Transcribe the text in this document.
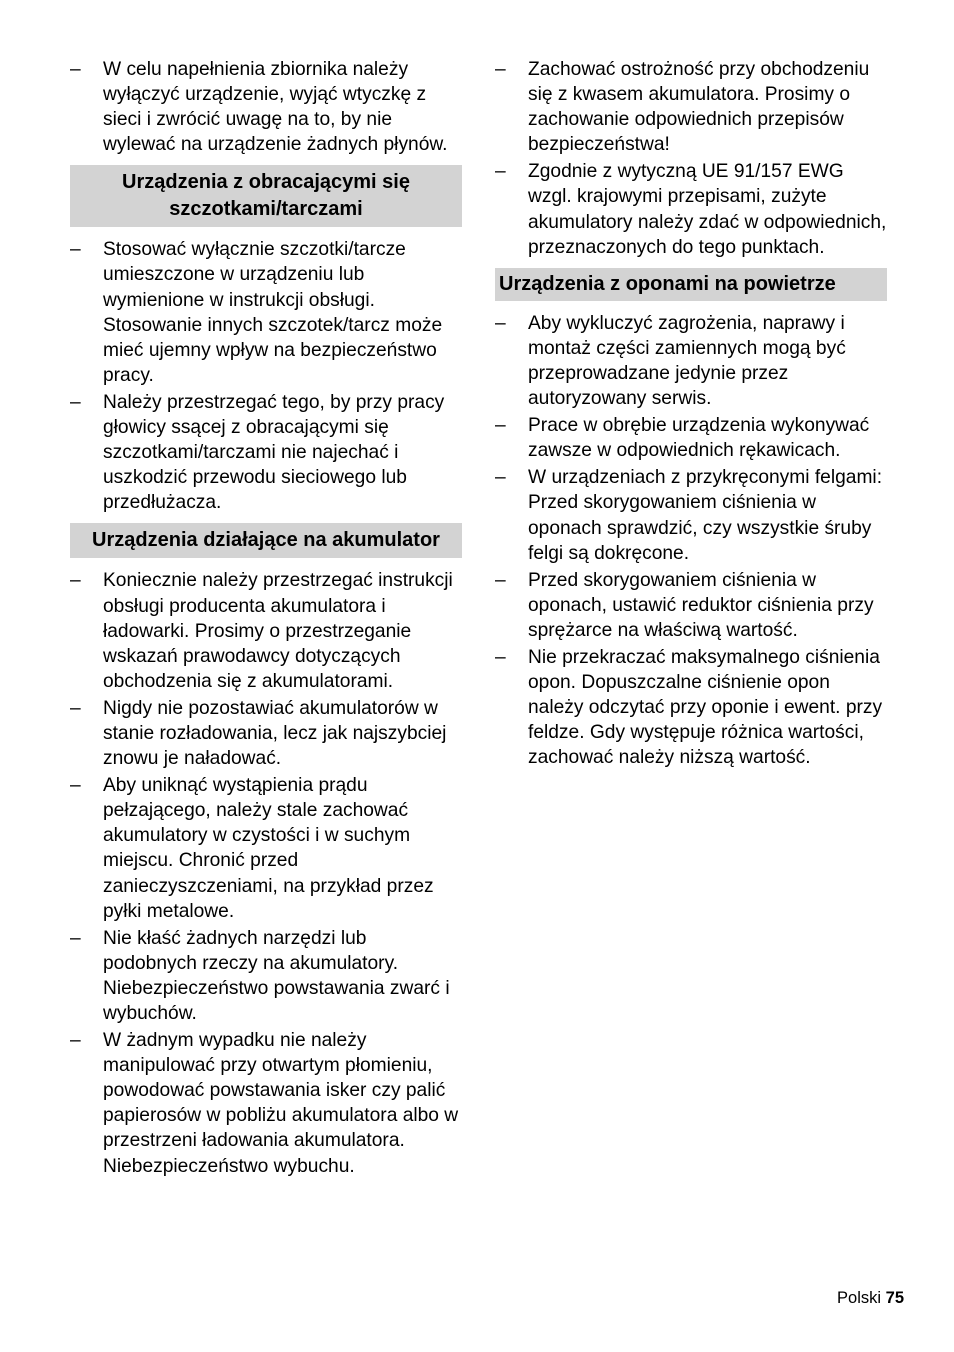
– W celu napełnienia zbiornika należy wyłączyć urządzenie, wyjąć wtyczkę z sieci i zwrócić uwagę na to, by nie wylewać na urządzenie żadnych płynów.
Urządzenia z obracającymi się szczotkami/tarczami
– Stosować wyłącznie szczotki/tarcze umieszczone w urządzeniu lub wymienione w instrukcji obsługi. Stosowanie innych szczotek/tarcz może mieć ujemny wpływ na bezpieczeństwo pracy.
– Należy przestrzegać tego, by przy pracy głowicy ssącej z obracającymi się szczotkami/tarczami nie najechać i uszkodzić przewodu sieciowego lub przedłużacza.
Urządzenia działające na akumulator
– Koniecznie należy przestrzegać instrukcji obsługi producenta akumulatora i ładowarki. Prosimy o przestrzeganie wskazań prawodawcy dotyczących obchodzenia się z akumulatorami.
– Nigdy nie pozostawiać akumulatorów w stanie rozładowania, lecz jak najszybciej znowu je naładować.
– Aby uniknąć wystąpienia prądu pełzającego, należy stale zachować akumulatory w czystości i w suchym miejscu. Chronić przed zanieczyszczeniami, na przykład przez pyłki metalowe.
– Nie kłaść żadnych narzędzi lub podobnych rzeczy na akumulatory. Niebezpieczeństwo powstawania zwarć i wybuchów.
– W żadnym wypadku nie należy manipulować przy otwartym płomieniu, powodować powstawania isker czy palić papierosów w pobliżu akumulatora albo w przestrzeni ładowania akumulatora. Niebezpieczeństwo wybuchu.
– Zachować ostrożność przy obchodzeniu się z kwasem akumulatora. Prosimy o zachowanie odpowiednich przepisów bezpieczeństwa!
– Zgodnie z wytyczną UE 91/157 EWG wzgl. krajowymi przepisami, zużyte akumulatory należy zdać w odpowiednich, przeznaczonych do tego punktach.
Urządzenia z oponami na powietrze
– Aby wykluczyć zagrożenia, naprawy i montaż części zamiennych mogą być przeprowadzane jedynie przez autoryzowany serwis.
– Prace w obrębie urządzenia wykonywać zawsze w odpowiednich rękawicach.
– W urządzeniach z przykręconymi felgami: Przed skorygowaniem ciśnienia w oponach sprawdzić, czy wszystkie śruby felgi są dokręcone.
– Przed skorygowaniem ciśnienia w oponach, ustawić reduktor ciśnienia przy sprężarce na właściwą wartość.
– Nie przekraczać maksymalnego ciśnienia opon. Dopuszczalne ciśnienie opon należy odczytać przy oponie i ewent. przy feldze. Gdy występuje różnica wartości, zachować należy niższą wartość.
Polski 75
